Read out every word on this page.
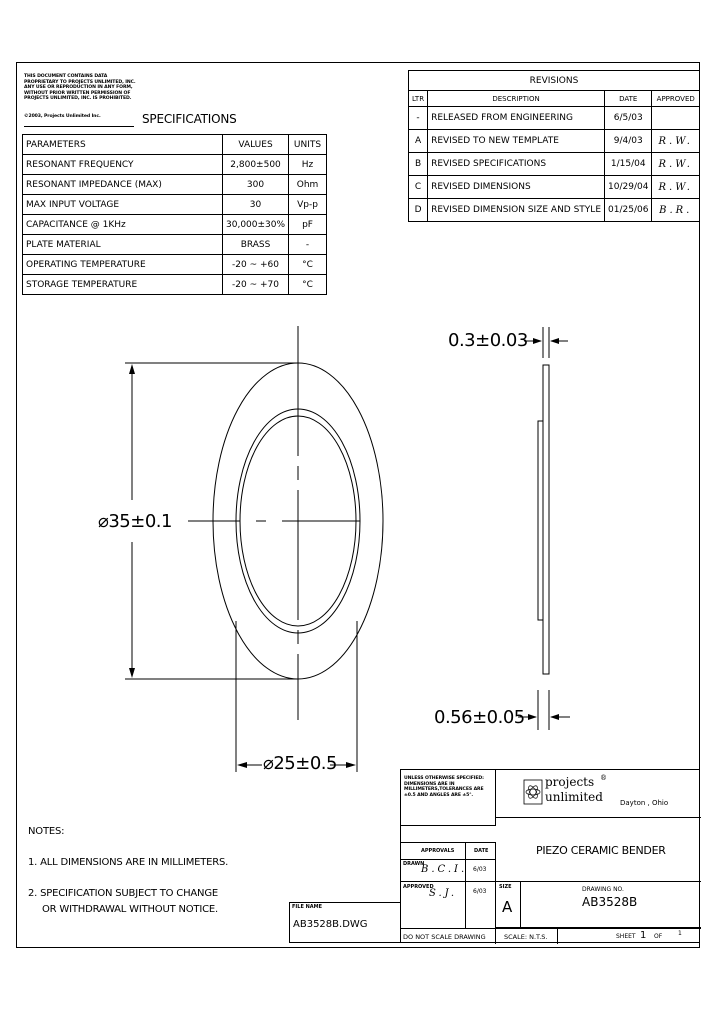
THIS DOCUMENT CONTAINS DATA PROPRIETARY TO PROJECTS UNLIMITED, INC. ANY USE OR REPRODUCTION IN ANY FORM, WITHOUT PRIOR WRITTEN PERMISSION OF PROJECTS UNLIMITED, INC. IS PROHIBITED.
©2003, Projects Unlimited Inc.	SPECIFICATIONS
PARAMETERS	VALUES	UNITS
RESONANT FREQUENCY	2,800±500	Hz
RESONANT IMPEDANCE (MAX)	300	Ohm
MAX INPUT VOLTAGE	30	Vp-p
CAPACITANCE @ 1KHz	30,000±30%	pF
PLATE MATERIAL	BRASS	-
OPERATING TEMPERATURE	-20 ~ +60	°C
STORAGE TEMPERATURE	-20 ~ +70	°C
REVISIONS			
LTR	DESCRIPTION	DATE	APPROVED
-	RELEASED FROM ENGINEERING	6/5/03	
A	REVISED TO NEW TEMPLATE	9/4/03	R.W.
B	REVISED SPECIFICATIONS	1/15/04	R.W.
C	REVISED DIMENSIONS	10/29/04	R.W.
D	REVISED DIMENSION SIZE AND STYLE	01/25/06	B.R.
0.3±0.03
⌀35±0.1
⌀25±0.5
0.56±0.05
NOTES:
1. ALL DIMENSIONS ARE IN MILLIMETERS.
2. SPECIFICATION SUBJECT TO CHANGE
OR WITHDRAWAL WITHOUT NOTICE.	FILE NAME
AB3528B.DWG
UNLESS OTHERWISE SPECIFIED: DIMENSIONS ARE IN MILLIMETERS,TOLERANCES ARE ±0.5 AND ANGLES ARE ±5°.
projects ®
unlimited Dayton , Ohio
PIEZO CERAMIC BENDER
APPROVALS	DATE
DRAWN
B.C.I. 6/03
APPROVED
S.J.	6/03
SIZE
A
DRAWING NO.
AB3528B
DO NOT SCALE DRAWING	SCALE: N.T.S.	SHEET 1 OF	1
